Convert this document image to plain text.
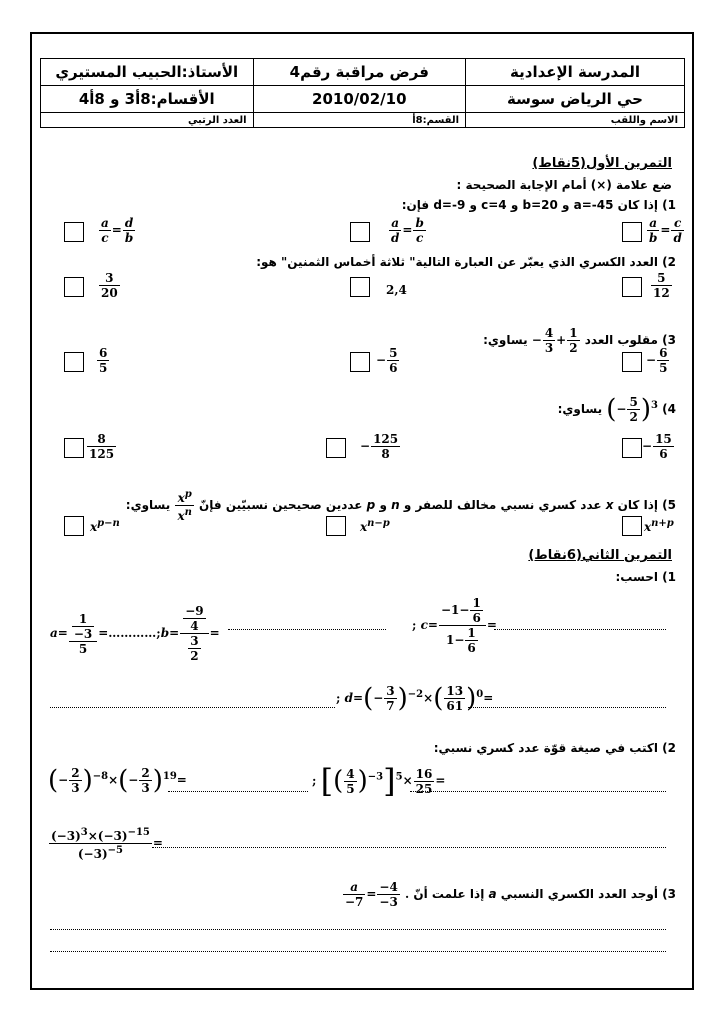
الأستاذ:الحبيب المستيري	فرض مراقبة رقم4	المدرسة الإعدادية
الأقسام:8أ3 و 8أ4	2010/02/10	حي الرياض سوسة
العدد الرتبي	القسم:8أ	الاسم واللقب
التمرين الأول(5نقاط)
ضع علامة (×) أمام الإجابة الصحيحة :
1) إذا كان a=-45 و b=20 و c=4 و d=-9 فإن:
$\frac{a}{b} = \frac{c}{d}$
$\frac{a}{d} = \frac{b}{c}$
$\frac{a}{c} = \frac{d}{b}$
2) العدد الكسري الذي يعبّر عن العبارة التالية" ثلاثة أخماس الثمنين" هو:
$\frac{5}{12}$
2,4
$\frac{3}{20}$
3) مقلوب العدد − $\frac{4}{3} + \frac{1}{2}$
يساوي:
− $\frac{6}{5}$
− $\frac{5}{6}$
$\frac{6}{5}$
4) (− $\frac{5}{2} )^3$ يساوي:
− $\frac{15}{6}$
− $\frac{125}{8}$
$\frac{8}{125}$
5) إذا كان x عدد كسري نسبي مخالف للصفر و n و p عددين صحيحين نسبيّين فإنّ
$\frac{x^p}{x^n}$
يساوي:
$x^{n+p}$
$x^{n-p}$
$x^{p-n}$
التمرين الثاني(6نقاط)
1) احسب:
$a= \frac{\frac{1}{-3}}{5}$ =…………;b= $\frac{\frac{-9}{4}}{\frac{3}{2}}$ =
; $c= \frac{-1- \frac{1}{6}}{1- \frac{1}{6}}$ =
; $d=(- \frac{3}{7} )^{-2}\times( \frac{13}{61} )^0=$
2) اكتب في صيغة قوّة عدد كسري نسبي:
(− $\frac{2}{3} )^{-8}\times(- \frac{2}{3} )^{19}=$	; [( $\frac{4}{5} )^{-3}]^5\times \frac{16}{25}$ =
$\frac{(-3)^3\times(-3)^{-15}}{(-3)^{-5}}$ =
3) أوجد العدد الكسري النسبي a إذا علمت أنّ
$\frac{a}{-7} = \frac{-4}{-3}$ .
